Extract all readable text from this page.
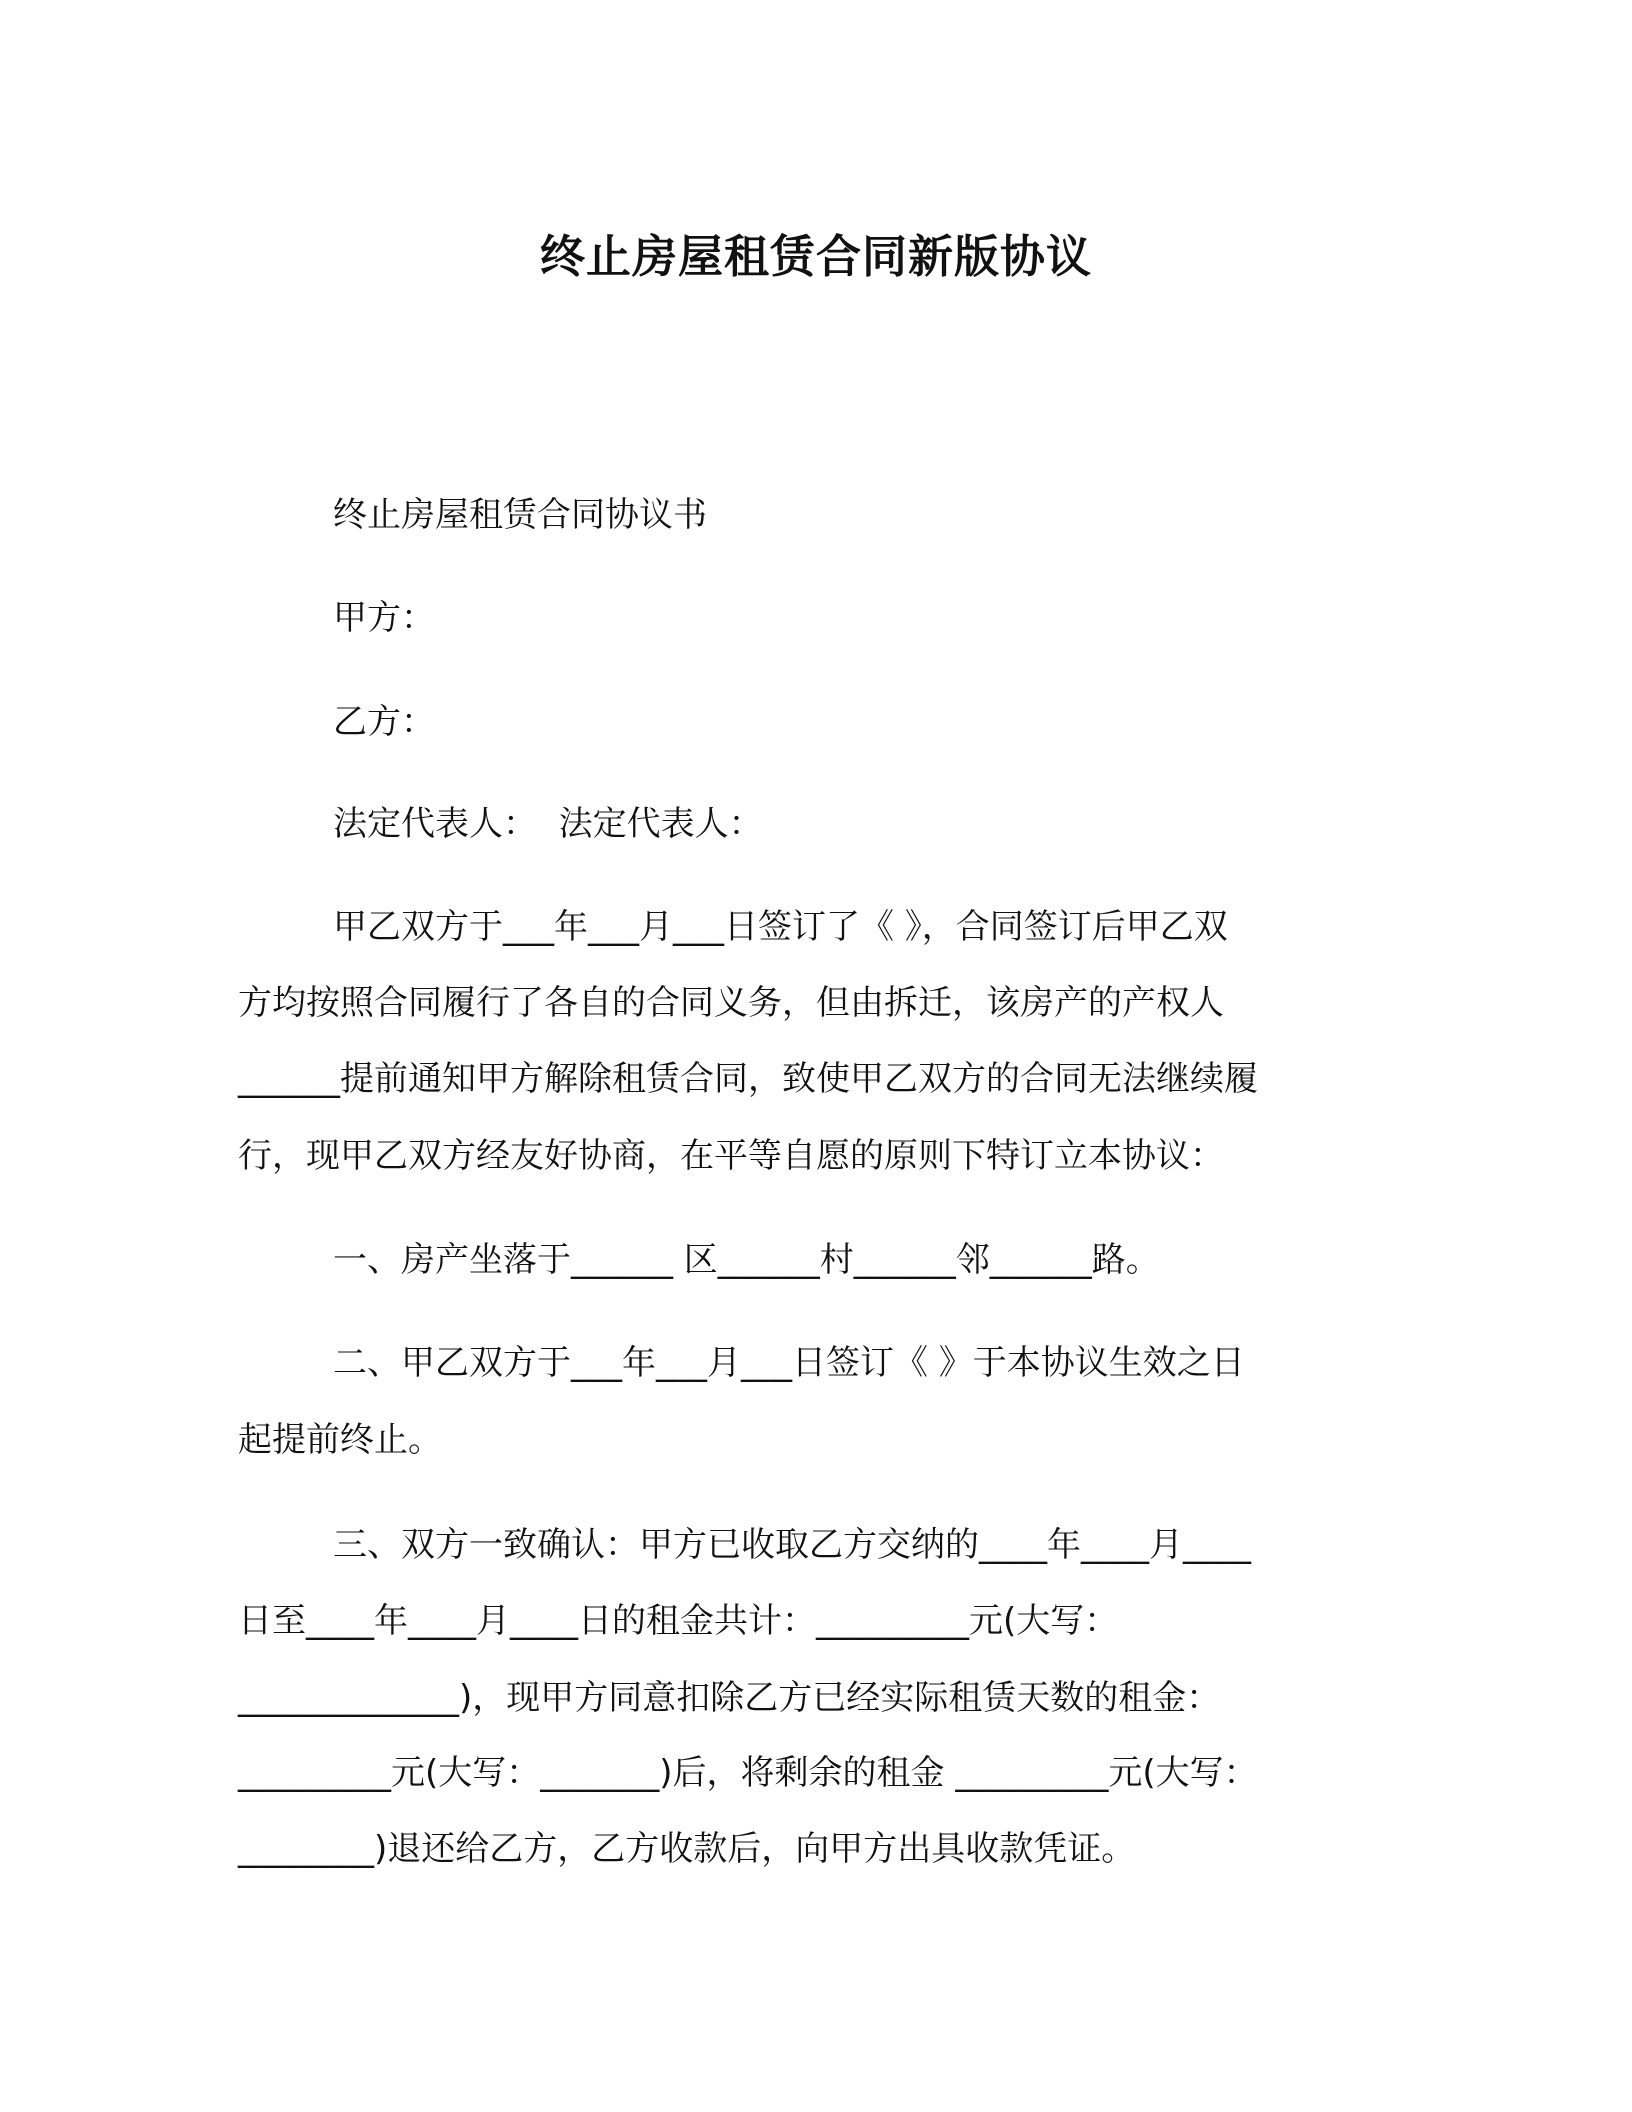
终止房屋租赁合同新版协议
终止房屋租赁合同协议书
甲方：
乙方：
法定代表人：  法定代表人：
甲乙双方于___年___月___日签订了《 》，合同签订后甲乙双
方均按照合同履行了各自的合同义务，但由拆迁，该房产的产权人
______提前通知甲方解除租赁合同，致使甲乙双方的合同无法继续履
行，现甲乙双方经友好协商，在平等自愿的原则下特订立本协议：
一、房产坐落于______ 区______村______邻______路。
二、甲乙双方于___年___月___日签订《 》于本协议生效之日
起提前终止。
三、双方一致确认：甲方已收取乙方交纳的____年____月____
日至____年____月____日的租金共计：_________元(大写：
_____________)，现甲方同意扣除乙方已经实际租赁天数的租金：
_________元(大写：_______)后，将剩余的租金 _________元(大写：
________)退还给乙方，乙方收款后，向甲方出具收款凭证。
